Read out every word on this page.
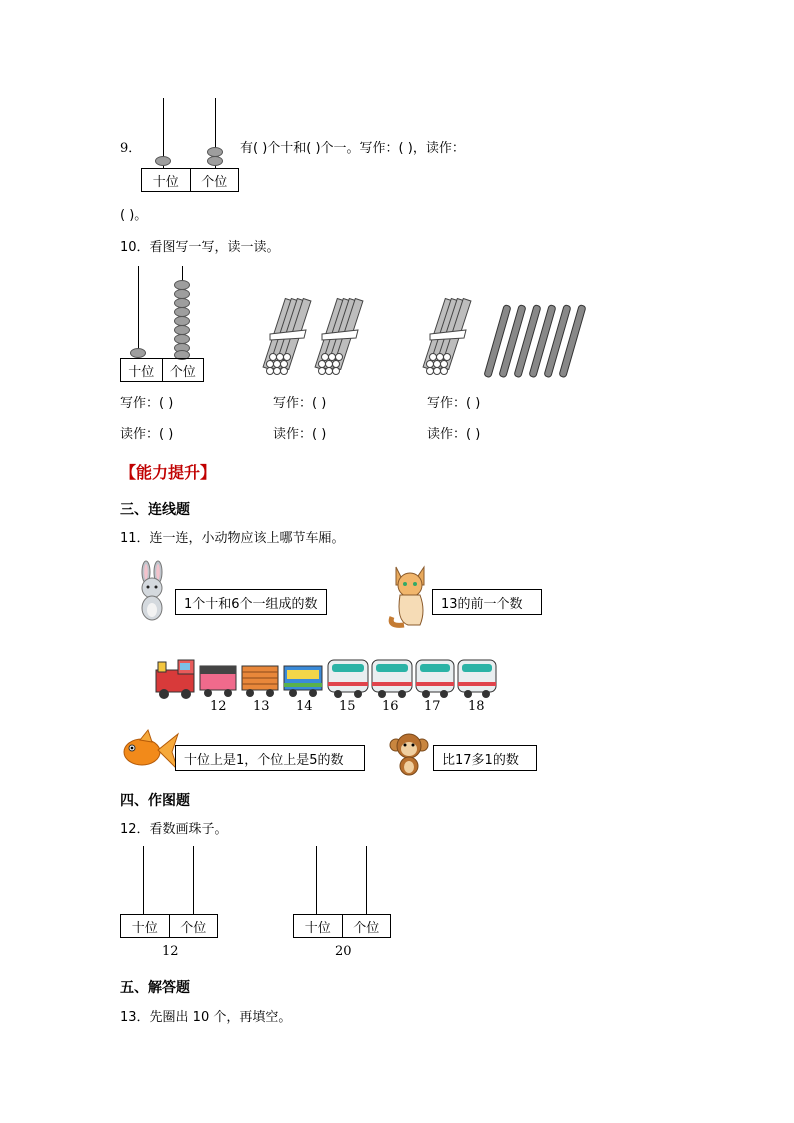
9．
十位	个位
有( )个十和( )个一。写作：( )，读作：
( )。
10．看图写一写，读一读。
十位	个位
写作：( )	写作：( )	写作：( )
读作：( )	读作：( )	读作：( )
【能力提升】
三、连线题
11．连一连，小动物应该上哪节车厢。
1个十和6个一组成的数	13的前一个数
12 13 14 15 16 17 18
十位上是1，个位上是5的数	比17多1的数
四、作图题
12．看数画珠子。
十位	个位
12
十位	个位
20
五、解答题
13．先圈出 10 个，再填空。
